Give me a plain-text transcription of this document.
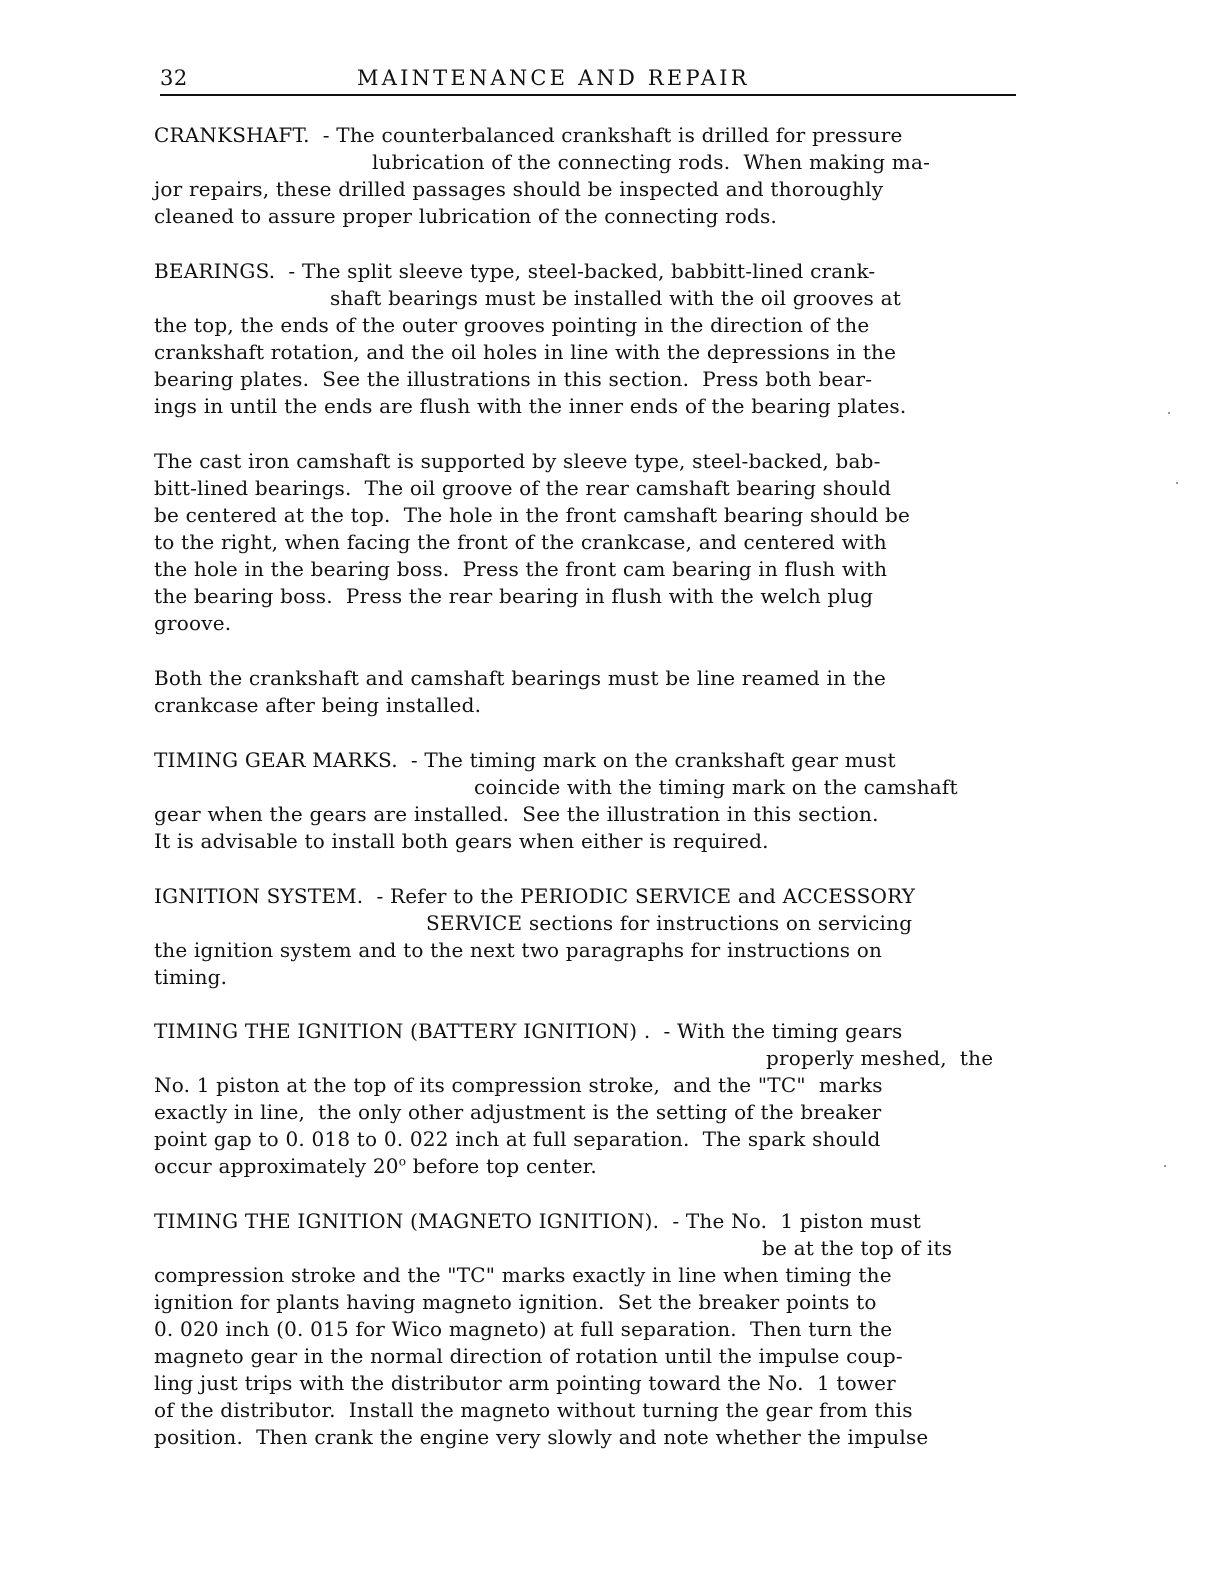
32	MAINTENANCE AND REPAIR
CRANKSHAFT.  - The counterbalanced crankshaft is drilled for pressure
lubrication of the connecting rods.  When making ma-
jor repairs, these drilled passages should be inspected and thoroughly
cleaned to assure proper lubrication of the connecting rods.
BEARINGS.  - The split sleeve type, steel-backed, babbitt-lined crank-
shaft bearings must be installed with the oil grooves at
the top, the ends of the outer grooves pointing in the direction of the
crankshaft rotation, and the oil holes in line with the depressions in the
bearing plates.  See the illustrations in this section.  Press both bear-
ings in until the ends are flush with the inner ends of the bearing plates.
The cast iron camshaft is supported by sleeve type, steel-backed, bab-
bitt-lined bearings.  The oil groove of the rear camshaft bearing should
be centered at the top.  The hole in the front camshaft bearing should be
to the right, when facing the front of the crankcase, and centered with
the hole in the bearing boss.  Press the front cam bearing in flush with
the bearing boss.  Press the rear bearing in flush with the welch plug
groove.
Both the crankshaft and camshaft bearings must be line reamed in the
crankcase after being installed.
TIMING GEAR MARKS.  - The timing mark on the crankshaft gear must
coincide with the timing mark on the camshaft
gear when the gears are installed.  See the illustration in this section.
It is advisable to install both gears when either is required.
IGNITION SYSTEM.  - Refer to the PERIODIC SERVICE and ACCESSORY
SERVICE sections for instructions on servicing
the ignition system and to the next two paragraphs for instructions on
timing.
TIMING THE IGNITION (BATTERY IGNITION) .  - With the timing gears
properly meshed,  the
No. 1 piston at the top of its compression stroke,  and the "TC"  marks
exactly in line,  the only other adjustment is the setting of the breaker
point gap to 0. 018 to 0. 022 inch at full separation.  The spark should
occur approximately 20$^o$ before top center.
TIMING THE IGNITION (MAGNETO IGNITION).  - The No.  1 piston must
be at the top of its
compression stroke and the "TC" marks exactly in line when timing the
ignition for plants having magneto ignition.  Set the breaker points to
0. 020 inch (0. 015 for Wico magneto) at full separation.  Then turn the
magneto gear in the normal direction of rotation until the impulse coup-
ling just trips with the distributor arm pointing toward the No.  1 tower
of the distributor.  Install the magneto without turning the gear from this
position.  Then crank the engine very slowly and note whether the impulse
